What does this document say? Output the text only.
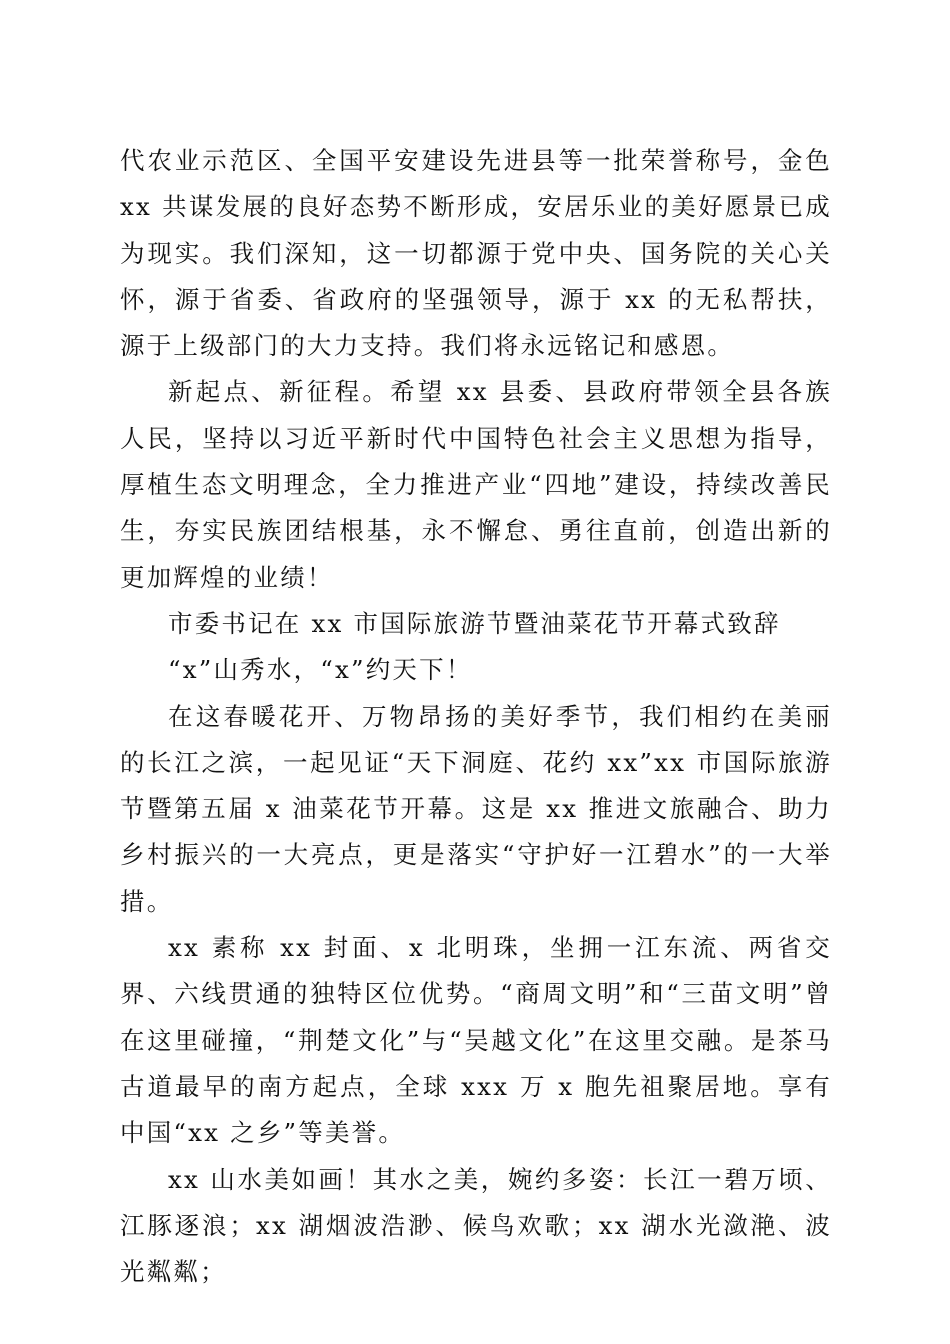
代农业示范区、全国平安建设先进县等一批荣誉称号，金色 xx 共谋发展的良好态势不断形成，安居乐业的美好愿景已成为现实。我们深知，这一切都源于党中央、国务院的关心关怀，源于省委、省政府的坚强领导，源于 xx 的无私帮扶，源于上级部门的大力支持。我们将永远铭记和感恩。

新起点、新征程。希望 xx 县委、县政府带领全县各族人民，坚持以习近平新时代中国特色社会主义思想为指导，厚植生态文明理念，全力推进产业“四地”建设，持续改善民生，夯实民族团结根基，永不懈怠、勇往直前，创造出新的更加辉煌的业绩！

市委书记在 xx 市国际旅游节暨油菜花节开幕式致辞

“x”山秀水，“x”约天下！

在这春暖花开、万物昂扬的美好季节，我们相约在美丽的长江之滨，一起见证“天下洞庭、花约 xx”xx 市国际旅游节暨第五届 x 油菜花节开幕。这是 xx 推进文旅融合、助力乡村振兴的一大亮点，更是落实“守护好一江碧水”的一大举措。

xx 素称 xx 封面、x 北明珠，坐拥一江东流、两省交界、六线贯通的独特区位优势。“商周文明”和“三苗文明”曾在这里碰撞，“荆楚文化”与“吴越文化”在这里交融。是茶马古道最早的南方起点，全球 xxx 万 x 胞先祖聚居地。享有中国“xx 之乡”等美誉。

xx 山水美如画！其水之美，婉约多姿：长江一碧万顷、江豚逐浪；xx 湖烟波浩渺、候鸟欢歌；xx 湖水光潋滟、波光粼粼；
